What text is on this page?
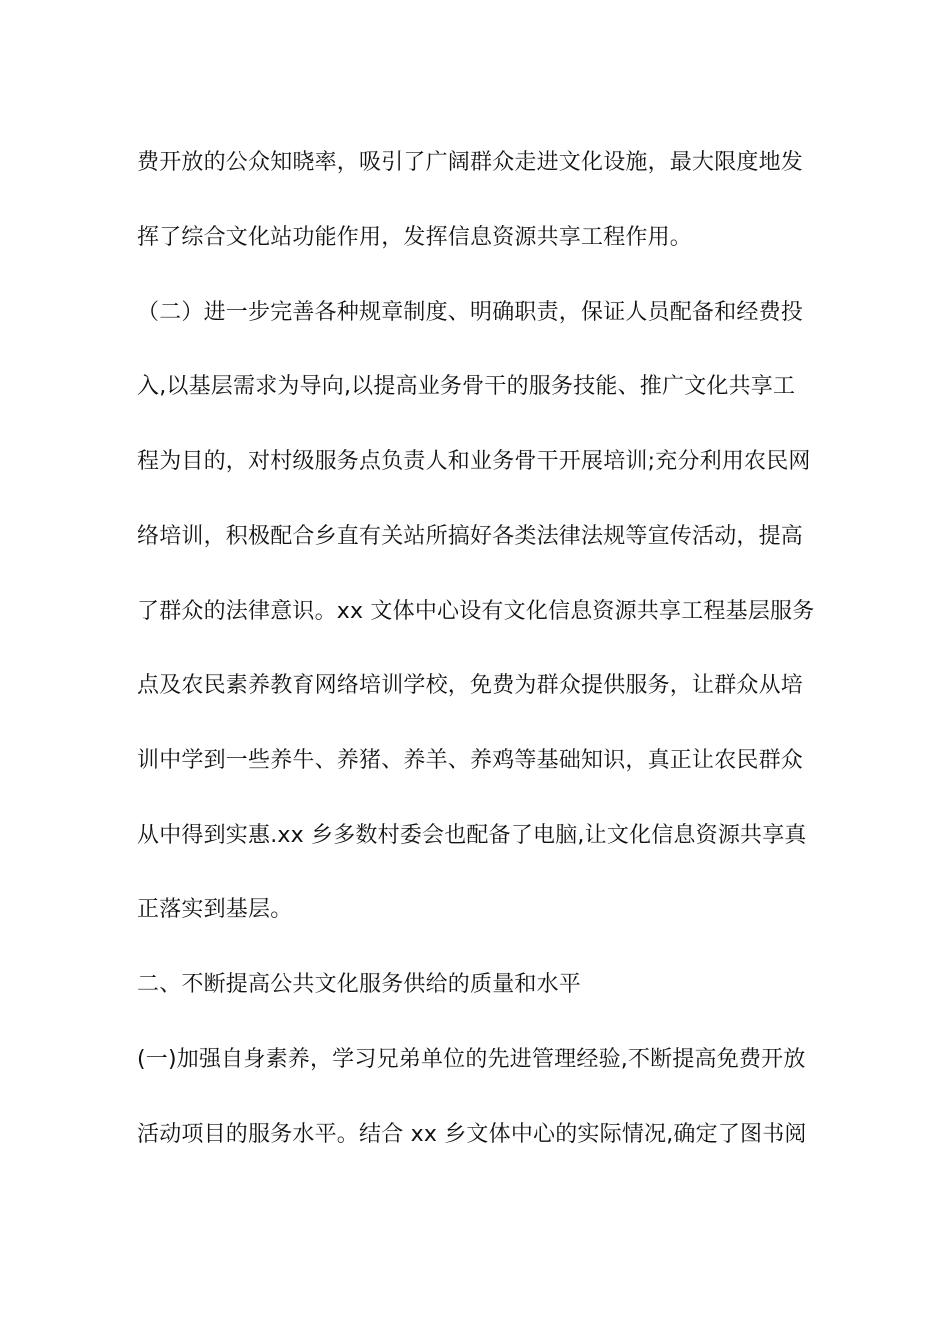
费开放的公众知晓率，吸引了广阔群众走进文化设施，最大限度地发
挥了综合文化站功能作用，发挥信息资源共享工程作用。
（二）进一步完善各种规章制度、明确职责，保证人员配备和经费投
入,以基层需求为导向,以提高业务骨干的服务技能、推广文化共享工
程为目的，对村级服务点负责人和业务骨干开展培训;充分利用农民网
络培训，积极配合乡直有关站所搞好各类法律法规等宣传活动，提高
了群众的法律意识。xx 文体中心设有文化信息资源共享工程基层服务
点及农民素养教育网络培训学校，免费为群众提供服务，让群众从培
训中学到一些养牛、养猪、养羊、养鸡等基础知识，真正让农民群众
从中得到实惠.xx 乡多数村委会也配备了电脑,让文化信息资源共享真
正落实到基层。
二、不断提高公共文化服务供给的质量和水平
(一)加强自身素养，学习兄弟单位的先进管理经验,不断提高免费开放
活动项目的服务水平。结合 xx 乡文体中心的实际情况,确定了图书阅
